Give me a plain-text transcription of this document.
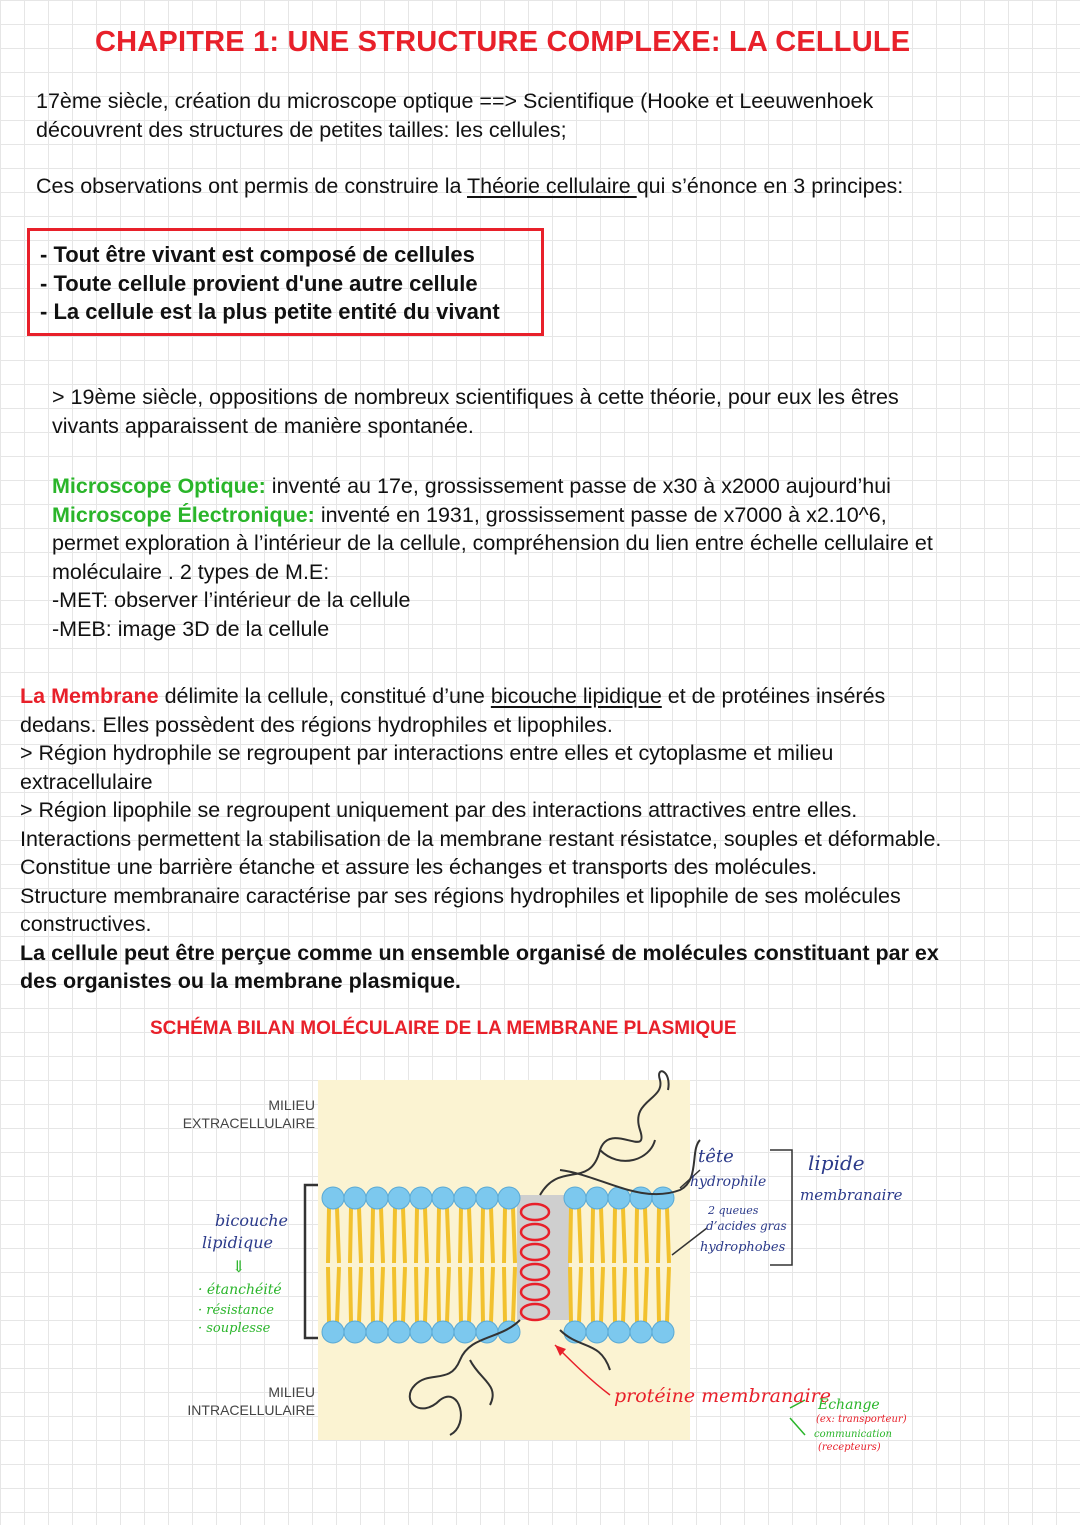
CHAPITRE 1: UNE STRUCTURE COMPLEXE: LA CELLULE
17ème siècle, création du microscope optique ==> Scientifique (Hooke et Leeuwenhoek
découvrent des structures de petites tailles: les cellules;
Ces observations ont permis de construire la Théorie cellulaire qui s’énonce en 3 principes:
- Tout être vivant est composé de cellules
- Toute cellule provient d'une autre cellule
- La cellule est la plus petite entité du vivant
> 19ème siècle, oppositions de nombreux scientifiques à cette théorie, pour eux les êtres
vivants apparaissent de manière spontanée.
Microscope Optique: inventé au 17e, grossissement passe de x30 à x2000 aujourd’hui
Microscope Électronique: inventé en 1931, grossissement passe de x7000 à x2.10^6,
permet exploration à l’intérieur de la cellule, compréhension du lien entre échelle cellulaire et
moléculaire . 2 types de M.E:
-MET: observer l’intérieur de la cellule
-MEB: image 3D de la cellule
La Membrane délimite la cellule, constitué d’une bicouche lipidique et de protéines insérés
dedans. Elles possèdent des régions hydrophiles et lipophiles.
> Région hydrophile se regroupent par interactions entre elles et cytoplasme et milieu
extracellulaire
> Région lipophile se regroupent uniquement par des interactions attractives entre elles.
Interactions permettent la stabilisation de la membrane restant résistatce, souples et déformable.
Constitue une barrière étanche et assure les échanges et transports des molécules.
Structure membranaire caractérise par ses régions hydrophiles et lipophile de ses molécules
constructives.
La cellule peut être perçue comme un ensemble organisé de molécules constituant par ex
des organistes ou la membrane plasmique.
SCHÉMA BILAN MOLÉCULAIRE DE LA MEMBRANE PLASMIQUE
MILIEU
EXTRACELLULAIRE
MILIEU
INTRACELLULAIRE
bicouche
lipidique
⇓
· étanchéité
· résistance
· souplesse
tête
hydrophile
2 queues
d’acides gras
hydrophobes
lipide
membranaire
protéine membranaire
Echange
(ex: transporteur)
communication
(recepteurs)
